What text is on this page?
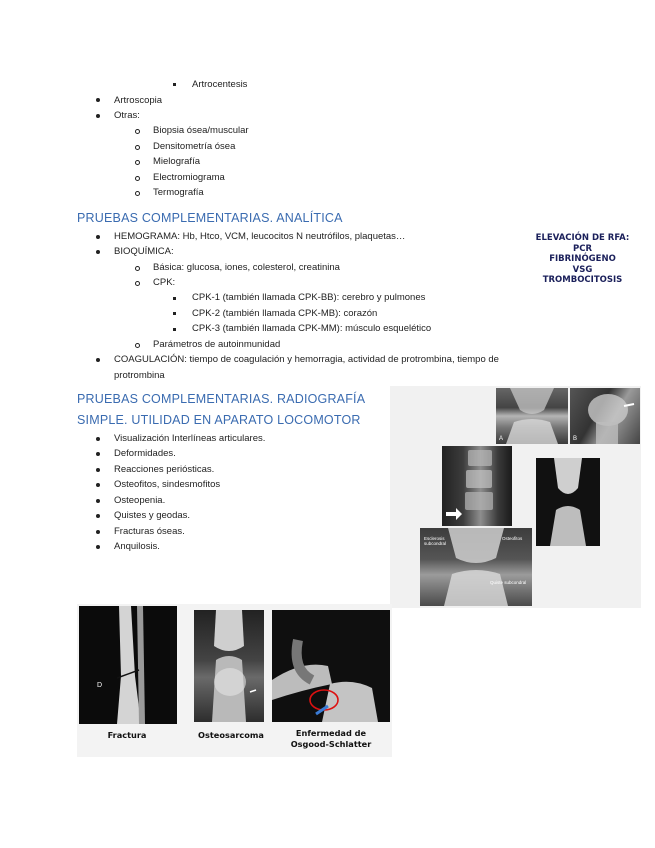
Artrocentesis
Artroscopia
Otras:
Biopsia ósea/muscular
Densitometría ósea
Mielografía
Electromiograma
Termografía
PRUEBAS COMPLEMENTARIAS. ANALÍTICA
HEMOGRAMA: Hb, Htco, VCM, leucocitos N neutrófilos, plaquetas…
BIOQUÍMICA:
Básica: glucosa, iones, colesterol, creatinina
CPK:
CPK-1 (también llamada CPK-BB): cerebro y pulmones
CPK-2 (también llamada CPK-MB): corazón
CPK-3 (también llamada CPK-MM): músculo esquelético
Parámetros de autoinmunidad
COAGULACIÓN: tiempo de coagulación y hemorragia, actividad de protrombina, tiempo de
protrombina
ELEVACIÓN DE RFA:
PCR
FIBRINÓGENO
VSG
TROMBOCITOSIS
PRUEBAS COMPLEMENTARIAS. RADIOGRAFÍA
SIMPLE. UTILIDAD EN APARATO LOCOMOTOR
Visualización Interlíneas articulares.
Deformidades.
Reacciones periósticas.
Osteofitos, sindesmofitos
Osteopenia.
Quistes y geodas.
Fracturas óseas.
Anquilosis.
A	B
Esclerosis subcondral
Osteofitos
Quiste subcondral
D
Fractura	Osteosarcoma	Enfermedad de
Osgood-Schlatter
